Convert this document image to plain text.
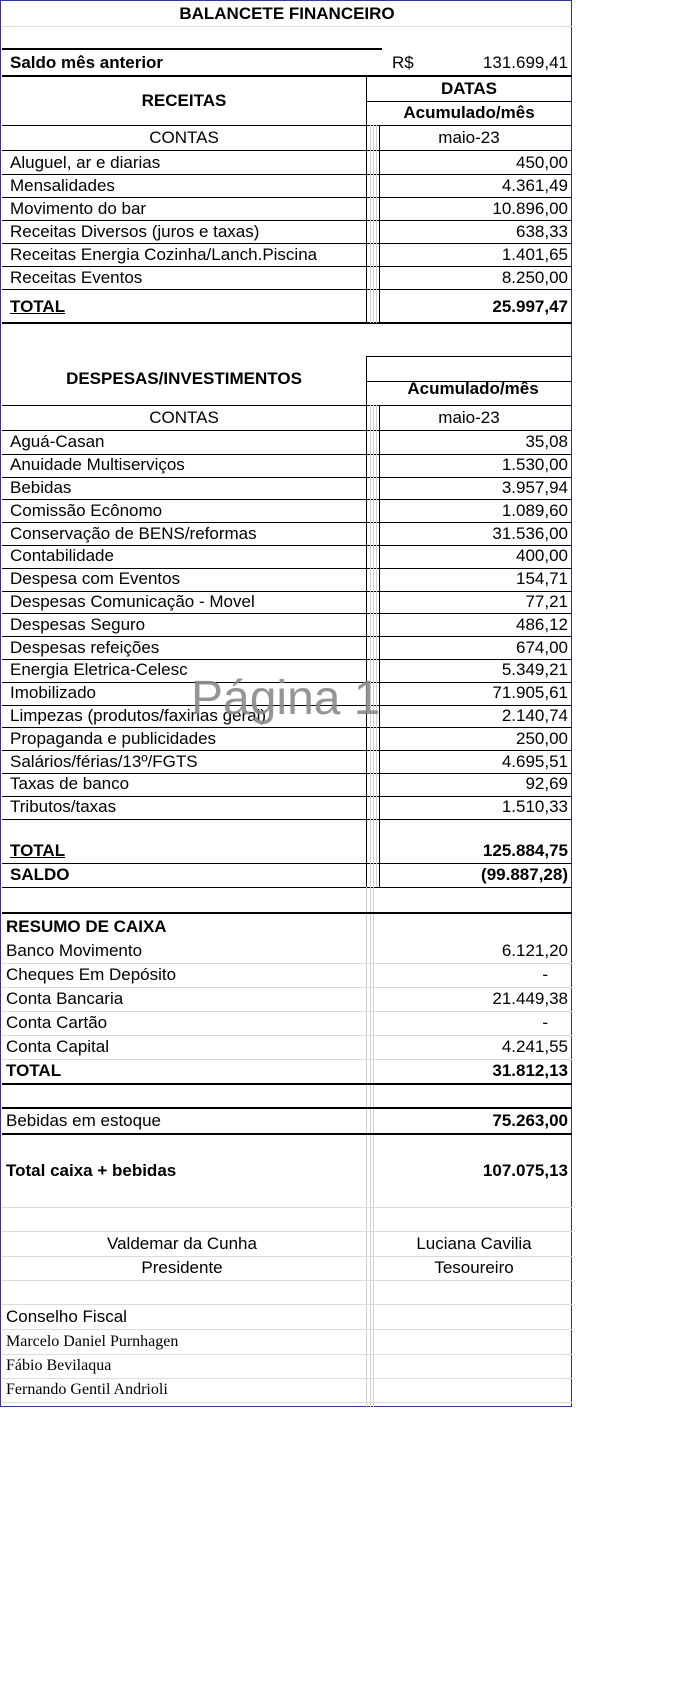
BALANCETE FINANCEIRO
Saldo mês anterior	R$	131.699,41
RECEITAS
DATAS
Acumulado/mês
CONTAS	maio-23
Aluguel, ar e diarias	450,00
Mensalidades	4.361,49
Movimento do bar	10.896,00
Receitas Diversos (juros e taxas)	638,33
Receitas Energia Cozinha/Lanch.Piscina	1.401,65
Receitas Eventos	8.250,00
TOTAL	25.997,47
DESPESAS/INVESTIMENTOS
Acumulado/mês
CONTAS	maio-23
Aguá-Casan	35,08
Anuidade Multiserviços	1.530,00
Bebidas	3.957,94
Comissão Ecônomo	1.089,60
Conservação de BENS/reformas	31.536,00
Contabilidade	400,00
Despesa com Eventos	154,71
Despesas Comunicação - Movel	77,21
Despesas Seguro	486,12
Despesas refeições	674,00
Energia Eletrica-Celesc	5.349,21
Imobilizado	71.905,61
Limpezas (produtos/faxinas geral)	2.140,74
Propaganda e publicidades	250,00
Salários/férias/13º/FGTS	4.695,51
Taxas de banco	92,69
Tributos/taxas	1.510,33
TOTAL	125.884,75
SALDO	(99.887,28)
RESUMO DE CAIXA
Banco Movimento	6.121,20
Cheques Em Depósito	-
Conta Bancaria	21.449,38
Conta Cartão	-
Conta Capital	4.241,55
TOTAL	31.812,13
Bebidas em estoque	75.263,00
Total caixa + bebidas	107.075,13
Valdemar da Cunha	Luciana Cavilia
Presidente	Tesoureiro
Conselho Fiscal
Marcelo Daniel Purnhagen
Fábio Bevilaqua
Fernando Gentil Andrioli
Página 1
